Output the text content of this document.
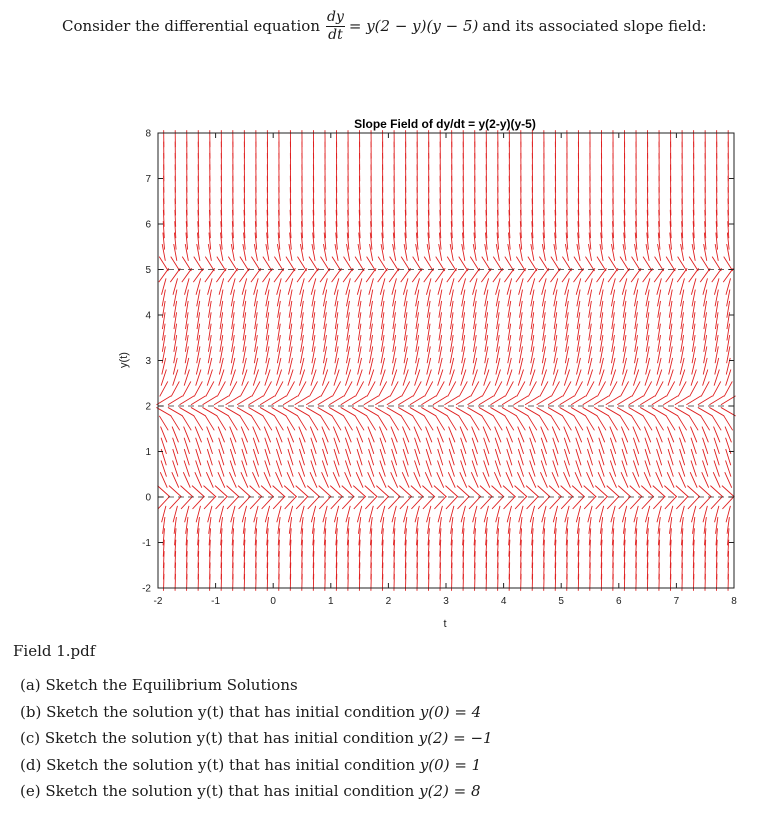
Consider the differential equation $\frac{dy}{dt} = y(2 - y)(y - 5)$ and its associated slope field:
Slope Field of dy/dt = y(2-y)(y-5)
-2	-1	0	1	2	3	4	5	6	7	8
-2
-1
0
1
2
3
4
5
6
7
8
t
y(t)
Field 1.pdf
(a) Sketch the Equilibrium Solutions
(b) Sketch the solution y(t) that has initial condition y(0) = 4
(c) Sketch the solution y(t) that has initial condition y(2) = −1
(d) Sketch the solution y(t) that has initial condition y(0) = 1
(e) Sketch the solution y(t) that has initial condition y(2) = 8
